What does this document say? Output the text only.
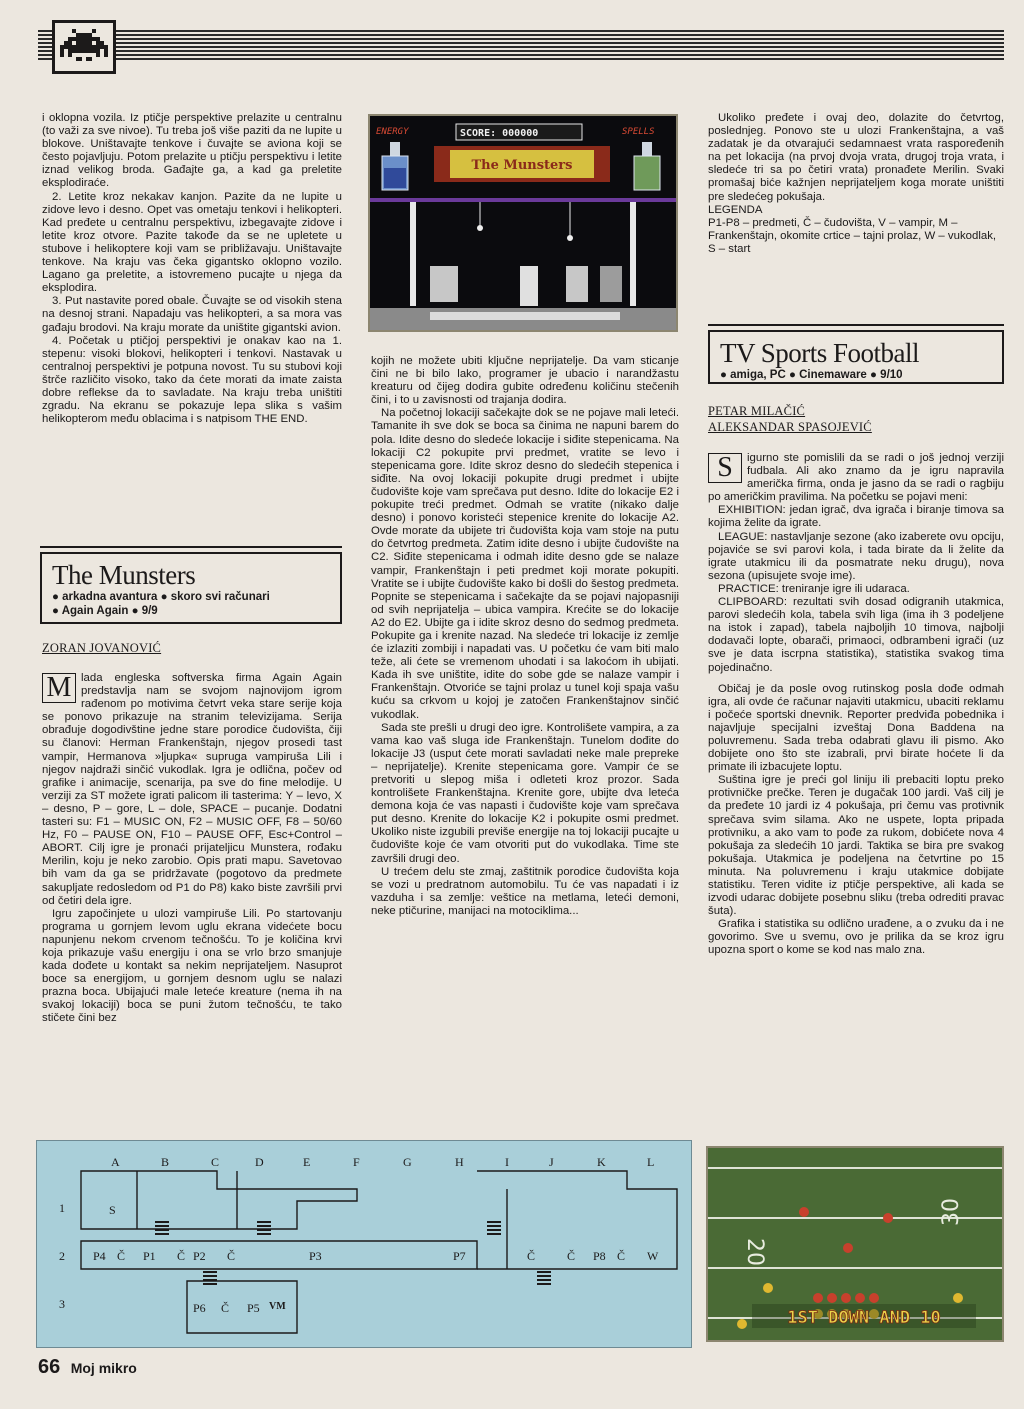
i oklopna vozila. Iz ptičje perspektive prelazite u centralnu (to važi za sve nivoe). Tu treba još više paziti da ne lupite u blokove. Uništavajte tenkove i čuvajte se aviona koji se često pojavljuju. Potom prelazite u ptičju perspektivu i letite iznad velikog broda. Gađajte ga, a kad ga preletite eksplodiraće.

2. Letite kroz nekakav kanjon. Pazite da ne lupite u zidove levo i desno. Opet vas ometaju tenkovi i helikopteri. Kad pređete u centralnu perspektivu, izbegavajte zidove i letite kroz otvore. Pazite takođe da se ne upletete u stubove i helikoptere koji vam se približavaju. Uništavajte tenkove. Na kraju vas čeka gigantsko oklopno vozilo. Lagano ga preletite, a istovremeno pucajte u njega da eksplodira.

3. Put nastavite pored obale. Čuvajte se od visokih stena na desnoj strani. Napadaju vas helikopteri, a sa mora vas gađaju brodovi. Na kraju morate da uništite gigantski avion.

4. Početak u ptičjoj perspektivi je onakav kao na 1. stepenu: visoki blokovi, helikopteri i tenkovi. Nastavak u centralnoj perspektivi je potpuna novost. Tu su stubovi koji štrče različito visoko, tako da ćete morati da imate zaista dobre reflekse da to savladate. Na kraju treba uništiti zgradu. Na ekranu se pokazuje lepa slika s vašim helikopterom među oblacima i s natpisom THE END.

The Munsters
● arkadna avantura ● skoro svi računari
● Again Again ● 9/9
ZORAN JOVANOVIĆ
M lada engleska softverska firma Again Again predstavlja nam se svojom najnovijom igrom rađenom po motivima četvrt veka stare serije koja se ponovo prikazuje na stranim televizijama. Serija obrađuje dogodivštine jedne stare porodice čudovišta, čiji su članovi: Herman Frankenštajn, njegov prosedi tast vampir, Hermanova »ljupka« supruga vampiruša Lili i njegov najdraži sinčić vukodlak. Igra je odlična, počev od grafike i animacije, scenarija, pa sve do fine melodije. U verziji za ST možete igrati palicom ili tasterima: Y – levo, X – desno, P – gore, L – dole, SPACE – pucanje. Dodatni tasteri su: F1 – MUSIC ON, F2 – MUSIC OFF, F8 – 50/60 Hz, F0 – PAUSE ON, F10 – PAUSE OFF, Esc+Control – ABORT. Cilj igre je pronaći prijateljicu Munstera, rođaku Merilin, koju je neko zarobio. Opis prati mapu. Savetovao bih vam da ga se pridržavate (pogotovo da predmete sakupljate redosledom od P1 do P8) kako biste završili prvi od četiri dela igre.

Igru započinjete u ulozi vampiruše Lili. Po startovanju programa u gornjem levom uglu ekrana videćete bocu napunjenu nekom crvenom tečnošću. To je količina krvi koja prikazuje vašu energiju i ona se vrlo brzo smanjuje kada dođete u kontakt sa nekim neprijateljem. Nasuprot boce sa energijom, u gornjem desnom uglu se nalazi prazna boca. Ubijajući male leteće kreature (nema ih na svakoj lokaciji) boca se puni žutom tečnošću, te tako stičete čini bez

ENERGY	SCORE: 000000	SPELLS
The Munsters

kojih ne možete ubiti ključne neprijatelje. Da vam sticanje čini ne bi bilo lako, programer je ubacio i narandžastu kreaturu od čijeg dodira gubite određenu količinu stečenih čini, i to u zavisnosti od trajanja dodira.

Na početnoj lokaciji sačekajte dok se ne pojave mali leteći. Tamanite ih sve dok se boca sa činima ne napuni barem do pola. Idite desno do sledeće lokacije i siđite stepenicama. Na lokaciji C2 pokupite prvi predmet, vratite se levo i stepenicama gore. Idite skroz desno do sledećih stepenica i siđite. Na ovoj lokaciji pokupite drugi predmet i ubijte čudovište koje vam sprečava put desno. Idite do lokacije E2 i pokupite treći predmet. Odmah se vratite (nikako dalje desno) i ponovo koristeći stepenice krenite do lokacije A2. Ovde morate da ubijete tri čudovišta koja vam stoje na putu do četvrtog predmeta. Zatim idite desno i ubijte čudovište na C2. Siđite stepenicama i odmah idite desno gde se nalaze vampir, Frankenštajn i peti predmet koji morate pokupiti. Vratite se i ubijte čudovište kako bi došli do šestog predmeta. Popnite se stepenicama i sačekajte da se pojavi najopasniji od svih neprijatelja – ubica vampira. Krećite se do lokacije A2 do E2. Ubijte ga i idite skroz desno do sedmog predmeta. Pokupite ga i krenite nazad. Na sledeće tri lokacije iz zemlje će izlaziti zombiji i napadati vas. U početku će vam biti malo teže, ali ćete se vremenom uhodati i sa lakoćom ih ubijati. Kada ih sve uništite, idite do sobe gde se nalaze vampir i Frankenštajn. Otvoriće se tajni prolaz u tunel koji spaja vašu kuću sa crkvom u kojoj je zatočen Frankenštajnov sinčić vukodlak.

Sada ste prešli u drugi deo igre. Kontrolišete vampira, a za vama kao vaš sluga ide Frankenštajn. Tunelom dođite do lokacije J3 (usput ćete morati savladati neke male prepreke – neprijatelje). Krenite stepenicama gore. Vampir će se pretvoriti u slepog miša i odleteti kroz prozor. Sada kontrolišete Frankenštajna. Krenite gore, ubijte dva leteća demona koja će vas napasti i čudovište koje vam sprečava put desno. Krenite do lokacije K2 i pokupite osmi predmet. Ukoliko niste izgubili previše energije na toj lokaciji pucajte u čudovište koje će vam otvoriti put do vukodlaka. Time ste završili drugi deo.

U trećem delu ste zmaj, zaštitnik porodice čudovišta koja se vozi u predratnom automobilu. Tu će vas napadati i iz vazduha i sa zemlje: veštice na metlama, leteći demoni, neke ptičurine, manijaci na motociklima...

Ukoliko pređete i ovaj deo, dolazite do četvrtog, poslednjeg. Ponovo ste u ulozi Frankenštajna, a vaš zadatak je da otvarajući sedamnaest vrata raspoređenih na pet lokacija (na prvoj dvoja vrata, drugoj troja vrata, i sledeće tri sa po četiri vrata) pronađete Merilin. Svaki promašaj biće kažnjen neprijateljem koga morate uništiti pre sledećeg pokušaja.

LEGENDA

P1-P8 – predmeti, Č – čudovišta, V – vampir, M – Frankenštajn, okomite crtice – tajni prolaz, W – vukodlak, S – start

TV Sports Football
● amiga, PC ● Cinemaware ● 9/10
PETAR MILAČIĆ
ALEKSANDAR SPASOJEVIĆ
S	igurno ste pomislili da se radi o još jednoj verziji fudbala. Ali ako znamo da je igru napravila američka firma, onda je jasno da se radi o ragbiju po američkim pravilima. Na početku se pojavi meni:

EXHIBITION: jedan igrač, dva igrača i biranje timova sa kojima želite da igrate.

LEAGUE: nastavljanje sezone (ako izaberete ovu opciju, pojaviće se svi parovi kola, i tada birate da li želite da igrate utakmicu ili da posmatrate neku drugu), nova sezona (upisujete svoje ime).

PRACTICE: treniranje igre ili udaraca.

CLIPBOARD: rezultati svih dosad odigranih utakmica, parovi sledećih kola, tabela svih liga (ima ih 3 podeljene na istok i zapad), tabela najboljih 10 timova, najbolji dodavači lopte, obarači, primaoci, odbrambeni igrači (uz sve je data iscrpna statistika), statistika svakog tima pojedinačno.

Običaj je da posle ovog rutinskog posla dođe odmah igra, ali ovde će računar najaviti utakmicu, ubaciti reklamu i počeće sportski dnevnik. Reporter predviđa pobednika i najavljuje specijalni izveštaj Dona Baddena na poluvremenu. Sada treba odabrati glavu ili pismo. Ako dobijete ono što ste izabrali, prvi birate hoćete li da primate ili izbacujete loptu.

Suština igre je preći gol liniju ili prebaciti loptu preko protivničke prečke. Teren je dugačak 100 jardi. Vaš cilj je da pređete 10 jardi iz 4 pokušaja, pri čemu vas protivnik sprečava svim silama. Ako ne uspete, lopta pripada protivniku, a ako vam to pođe za rukom, dobićete nova 4 pokušaja za sledećih 10 jardi. Taktika se bira pre svakog pokušaja. Utakmica je podeljena na četvrtine po 15 minuta. Na poluvremenu i kraju utakmice dobijate statistiku. Teren vidite iz ptičje perspektive, ali kada se izvodi udarac dobijete posebnu sliku (treba odrediti pravac šuta).

Grafika i statistika su odlično urađene, a o zvuku da i ne govorimo. Sve u svemu, ovo je prilika da se kroz igru upozna sport o kome se kod nas malo zna.

A	B	C	D	E	F	G	H	I	J	K	L
1
2
3
S
P4 Č P1 Č P2 Č	P3	P7	Č	Č P8 Č W
P6 Č P5 VM
20
30
1ST DOWN AND 10
66 Moj mikro
